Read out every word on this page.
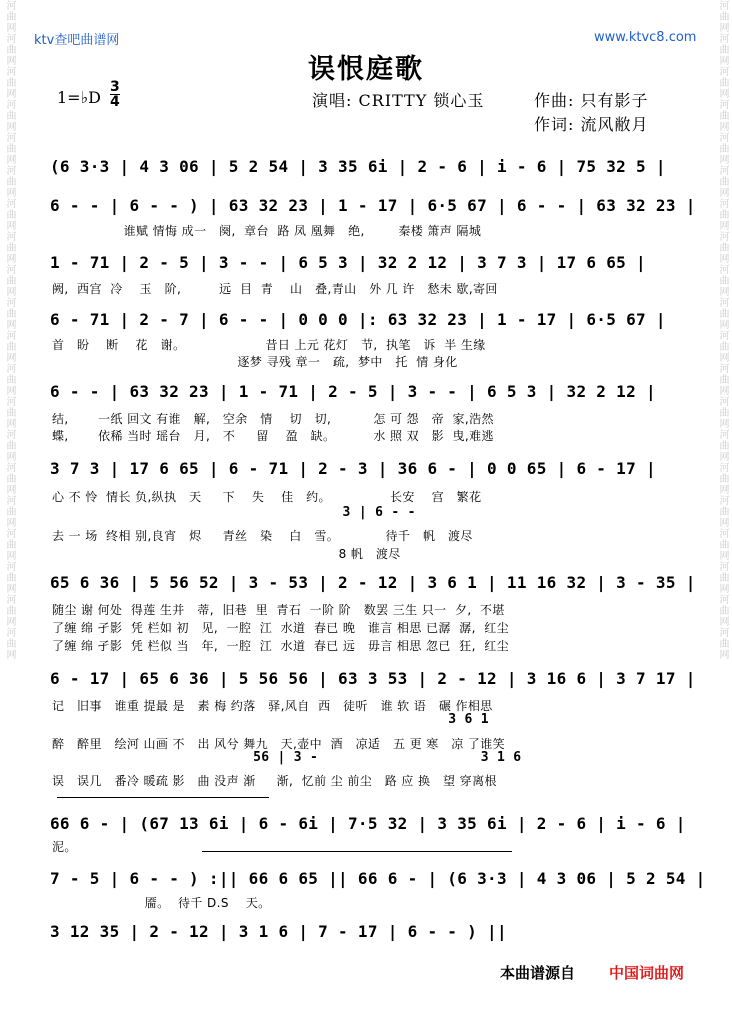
河曲网河曲网河曲网河曲网河曲网河曲网河曲网河曲网河曲网河曲网河曲网河曲网河曲网河曲网河曲网河曲网河曲网河曲网河曲网河曲网	河曲网河曲网河曲网河曲网河曲网河曲网河曲网河曲网河曲网河曲网河曲网河曲网河曲网河曲网河曲网河曲网河曲网河曲网河曲网河曲网
ktv查吧曲谱网	www.ktvc8.com
误恨庭歌
1=♭D
3
4	演唱: CRITTY 锁心玉	作曲: 只有影子
作词: 流风敝月
(6 3·3 | 4 3 06 | 5 2 54 | 3 35 6i | 2 - 6 | i - 6 | 75 32 5 |
6 - - | 6 - - ) | 63 32 23 | 1 - 17 | 6·5 67 | 6 - - | 63 32 23 |
谁赋 情悔 成一   阕,  章台  路 凤 凰舞   绝,        秦楼 箫声 隔城
1 - 71 | 2 - 5 | 3 - - | 6 5 3 | 32 2 12 | 3 7 3 | 17 6 65 |
阙,  西宫  冷    玉   阶,         远  目  青    山   叠,青山   外 几 许   愁未 歇,寄回
6 - 71 | 2 - 7 | 6 - - | 0 0 0 |: 63 32 23 | 1 - 17 | 6·5 67 |
首   盼    断    花   谢。                   昔日 上元 花灯   节,  执笔   诉  半 生缘
逐梦 寻残 章一   疏,  梦中   托  情 身化
6 - - | 63 32 23 | 1 - 71 | 2 - 5 | 3 - - | 6 5 3 | 32 2 12 |
结,       一纸 回文 有谁   解,   空余   情    切   切,          怎 可 怨   帝  家,浩然
蝶,       依稀 当时 瑶台   月,   不     留    盈   缺。         水 照 双   影  曳,难逃
3 7 3 | 17 6 65 | 6 - 71 | 2 - 3 | 36 6 - | 0 0 65 | 6 - 17 |
心 不 怜  情长 负,纵执   天     下    失    佳   约。              长安    宫   繁花
3 | 6 - -
去 一 场  终相 别,良宵   烬     青丝   染    白   雪。           待千   帆   渡尽
8 帆   渡尽
65 6 36 | 5 56 52 | 3 - 53 | 2 - 12 | 3 6 1 | 11 16 32 | 3 - 35 |
随尘 谢 何处  得莲 生并   蒂,  旧巷  里  青石  一阶 阶   数罢 三生 只一  夕,  不堪
了缠 绵 孑影  凭 栏如 初   见,  一腔  江  水道  春已 晚   谁言 相思 已潺  潺,  红尘
了缠 绵 孑影  凭 栏似 当   年,  一腔  江  水道  春已 远   毋言 相思 忽已  狂,  红尘
6 - 17 | 65 6 36 | 5 56 56 | 63 3 53 | 2 - 12 | 3 16 6 | 3 7 17 |
记   旧事   谁重 提最 是   素 梅 约落   驿,风自  西   徒听   谁 软 语   碾 作相思
3 6 1
醉   醉里   绘河 山画 不   出 风兮 舞九   天,壶中  酒   凉适   五 更 寒   凉 了谁笑
56 | 3 -                    3 1 6
误   误几   番冷 暖疏 影   曲 没声 渐     渐,  忆前 尘 前尘   路 应 换   望 穿离根
66 6 - | (67 13 6i | 6 - 6i | 7·5 32 | 3 35 6i | 2 - 6 | i - 6 |
泥。
7 - 5 | 6 - - ) :|| 66 6 65 || 66 6 - | (6 3·3 | 4 3 06 | 5 2 54 |
靥。  待千 D.S    天。
3 12 35 | 2 - 12 | 3 1 6 | 7 - 17 | 6 - - ) ||
本曲谱源自 中国词曲网
